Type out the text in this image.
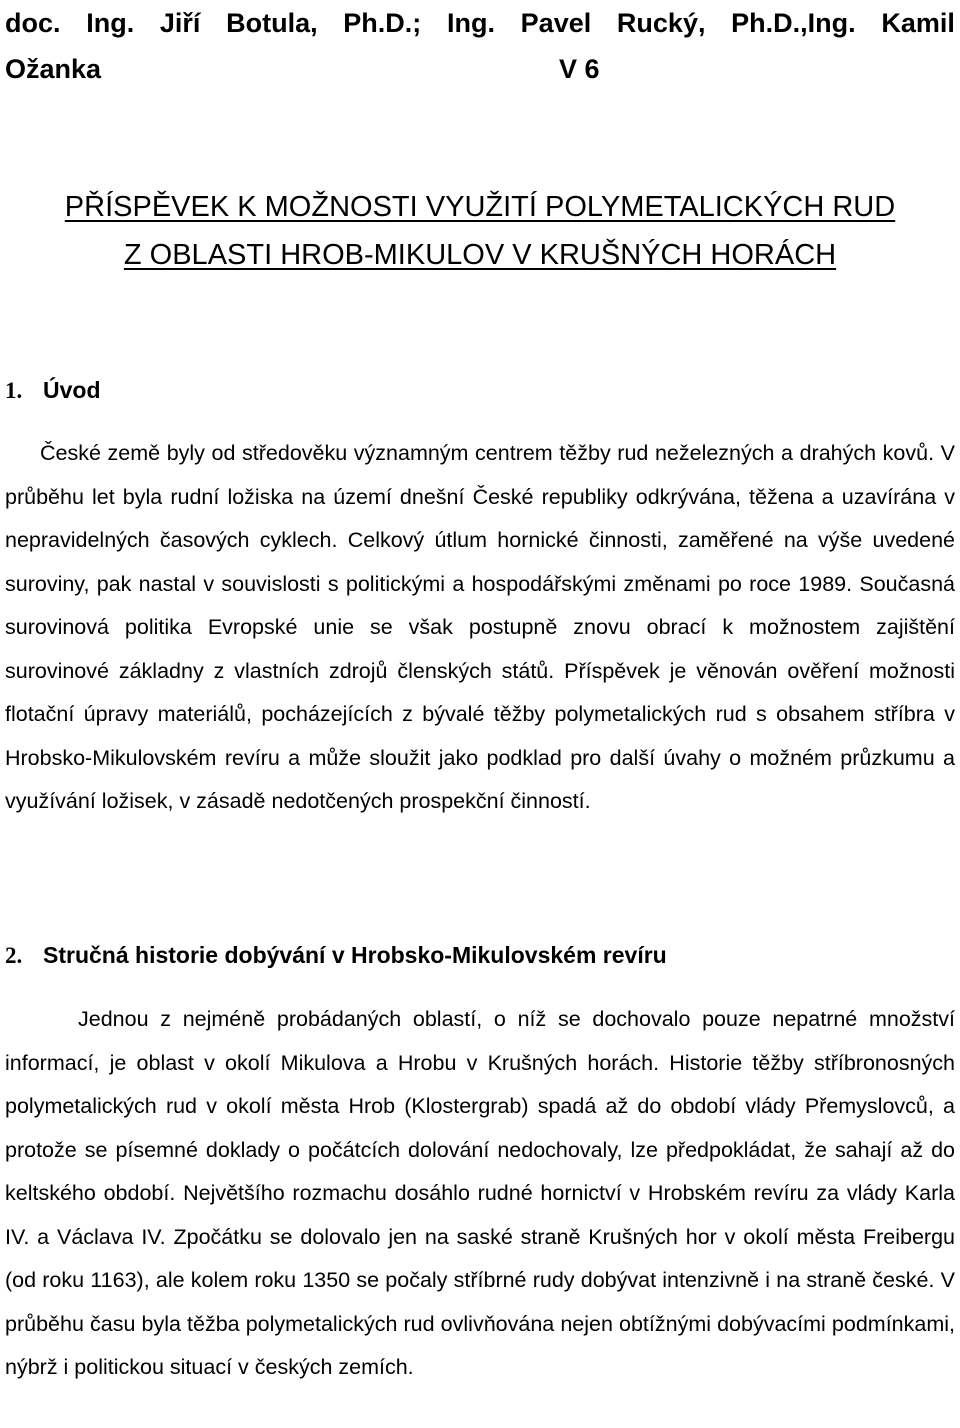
doc. Ing. Jiří Botula, Ph.D.; Ing. Pavel Rucký, Ph.D.,Ing. Kamil
Ožanka	V 6
PŘÍSPĚVEK K MOŽNOSTI VYUŽITÍ POLYMETALICKÝCH RUD
Z OBLASTI HROB-MIKULOV V KRUŠNÝCH HORÁCH
1. Úvod
České země byly od středověku významným centrem těžby rud neželezných a drahých kovů. V průběhu let byla rudní ložiska na území dnešní České republiky odkrývána, těžena a uzavírána v nepravidelných časových cyklech. Celkový útlum hornické činnosti, zaměřené na výše uvedené suroviny, pak nastal v souvislosti s politickými a hospodářskými změnami po roce 1989. Současná surovinová politika Evropské unie se však postupně znovu obrací k možnostem zajištění surovinové základny z vlastních zdrojů členských států. Příspěvek je věnován ověření možnosti flotační úpravy materiálů, pocházejících z bývalé těžby polymetalických rud s obsahem stříbra v Hrobsko-Mikulovském revíru a může sloužit jako podklad pro další úvahy o možném průzkumu a využívání ložisek, v zásadě nedotčených prospekční činností.
2. Stručná historie dobývání v Hrobsko-Mikulovském revíru
Jednou z nejméně probádaných oblastí, o níž se dochovalo pouze nepatrné množství informací, je oblast v okolí Mikulova a Hrobu v Krušných horách. Historie těžby stříbronosných polymetalických rud v okolí města Hrob (Klostergrab) spadá až do období vlády Přemyslovců, a protože se písemné doklady o počátcích dolování nedochovaly, lze předpokládat, že sahají až do keltského období. Největšího rozmachu dosáhlo rudné hornictví v Hrobském revíru za vlády Karla IV. a Václava IV. Zpočátku se dolovalo jen na saské straně Krušných hor v okolí města Freibergu (od roku 1163), ale kolem roku 1350 se počaly stříbrné rudy dobývat intenzivně i na straně české. V průběhu času byla těžba polymetalických rud ovlivňována nejen obtížnými dobývacími podmínkami, nýbrž i politickou situací v českých zemích.
